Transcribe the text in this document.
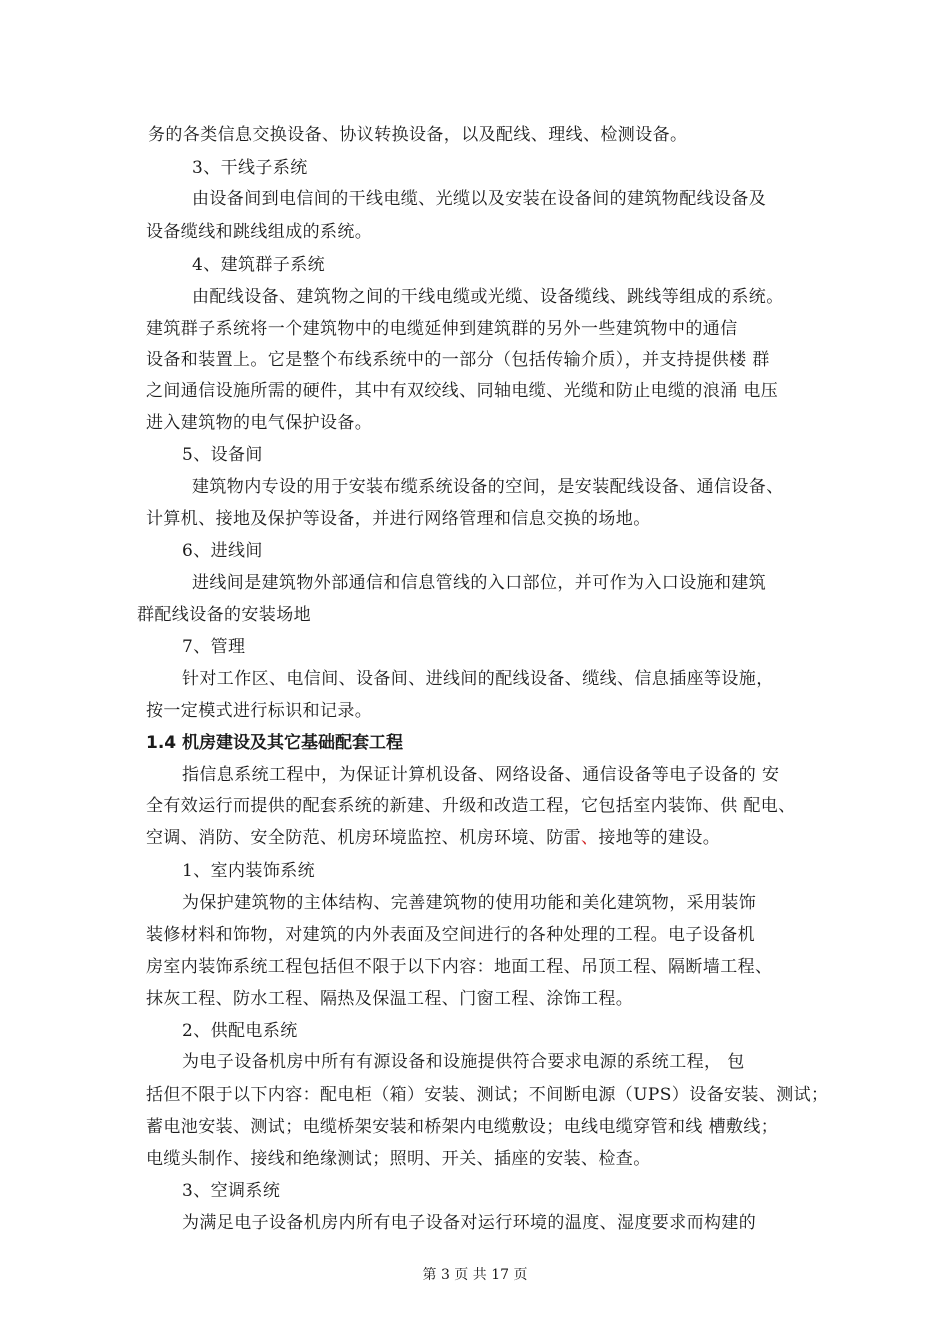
务的各类信息交换设备、协议转换设备，以及配线、理线、检测设备。
3、干线子系统
由设备间到电信间的干线电缆、光缆以及安装在设备间的建筑物配线设备及
设备缆线和跳线组成的系统。
4、建筑群子系统
由配线设备、建筑物之间的干线电缆或光缆、设备缆线、跳线等组成的系统。
建筑群子系统将一个建筑物中的电缆延伸到建筑群的另外一些建筑物中的通信
设备和装置上。它是整个布线系统中的一部分（包括传输介质），并支持提供楼 群
之间通信设施所需的硬件，其中有双绞线、同轴电缆、光缆和防止电缆的浪涌 电压
进入建筑物的电气保护设备。
5、设备间
建筑物内专设的用于安装布缆系统设备的空间，是安装配线设备、通信设备、
计算机、接地及保护等设备，并进行网络管理和信息交换的场地。
6、进线间
进线间是建筑物外部通信和信息管线的入口部位，并可作为入口设施和建筑
群配线设备的安装场地
7、管理
针对工作区、电信间、设备间、进线间的配线设备、缆线、信息插座等设施，
按一定模式进行标识和记录。
1.4 机房建设及其它基础配套工程
指信息系统工程中，为保证计算机设备、网络设备、通信设备等电子设备的 安
全有效运行而提供的配套系统的新建、升级和改造工程，它包括室内装饰、供 配电、
空调、消防、安全防范、机房环境监控、机房环境、防雷、接地等的建设。
1、室内装饰系统
为保护建筑物的主体结构、完善建筑物的使用功能和美化建筑物，采用装饰
装修材料和饰物，对建筑的内外表面及空间进行的各种处理的工程。电子设备机
房室内装饰系统工程包括但不限于以下内容：地面工程、吊顶工程、隔断墙工程、
抹灰工程、防水工程、隔热及保温工程、门窗工程、涂饰工程。
2、供配电系统
为电子设备机房中所有有源设备和设施提供符合要求电源的系统工程， 包
括但不限于以下内容：配电柜（箱）安装、测试；不间断电源（UPS）设备安装、测试；
蓄电池安装、测试；电缆桥架安装和桥架内电缆敷设；电线电缆穿管和线 槽敷线；
电缆头制作、接线和绝缘测试；照明、开关、插座的安装、检查。
3、空调系统
为满足电子设备机房内所有电子设备对运行环境的温度、湿度要求而构建的
第 3 页 共 17 页
